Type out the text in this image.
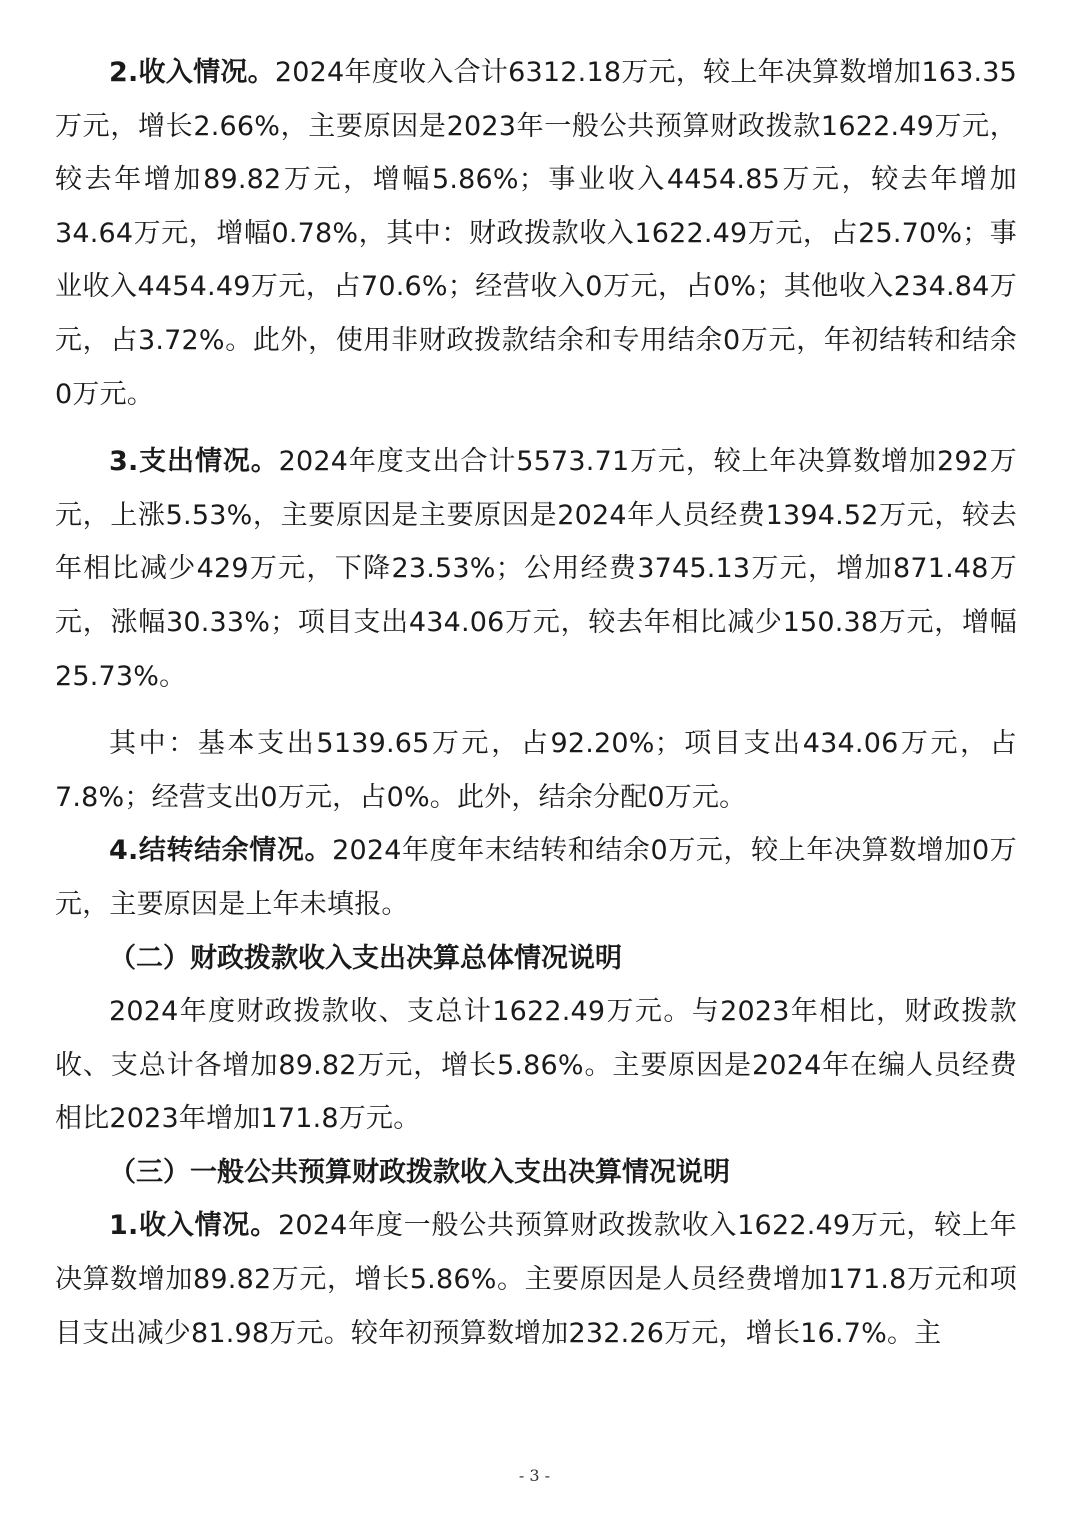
2.收入情况。2024年度收入合计6312.18万元，较上年决算数增加163.35万元，增长2.66%，主要原因是2023年一般公共预算财政拨款1622.49万元，较去年增加89.82万元，增幅5.86%；事业收入4454.85万元，较去年增加34.64万元，增幅0.78%，其中：财政拨款收入1622.49万元，占25.70%；事业收入4454.49万元，占70.6%；经营收入0万元，占0%；其他收入234.84万元，占3.72%。此外，使用非财政拨款结余和专用结余0万元，年初结转和结余0万元。

3.支出情况。2024年度支出合计5573.71万元，较上年决算数增加292万元，上涨5.53%，主要原因是主要原因是2024年人员经费1394.52万元，较去年相比减少429万元，下降23.53%；公用经费3745.13万元，增加871.48万元，涨幅30.33%；项目支出434.06万元，较去年相比减少150.38万元，增幅25.73%。

其中：基本支出5139.65万元，占92.20%；项目支出434.06万元，占7.8%；经营支出0万元，占0%。此外，结余分配0万元。

4.结转结余情况。2024年度年末结转和结余0万元，较上年决算数增加0万元，主要原因是上年未填报。

（二）财政拨款收入支出决算总体情况说明

2024年度财政拨款收、支总计1622.49万元。与2023年相比，财政拨款收、支总计各增加89.82万元，增长5.86%。主要原因是2024年在编人员经费相比2023年增加171.8万元。

（三）一般公共预算财政拨款收入支出决算情况说明

1.收入情况。2024年度一般公共预算财政拨款收入1622.49万元，较上年决算数增加89.82万元，增长5.86%。主要原因是人员经费增加171.8万元和项目支出减少81.98万元。较年初预算数增加232.26万元，增长16.7%。主

- 3 -
